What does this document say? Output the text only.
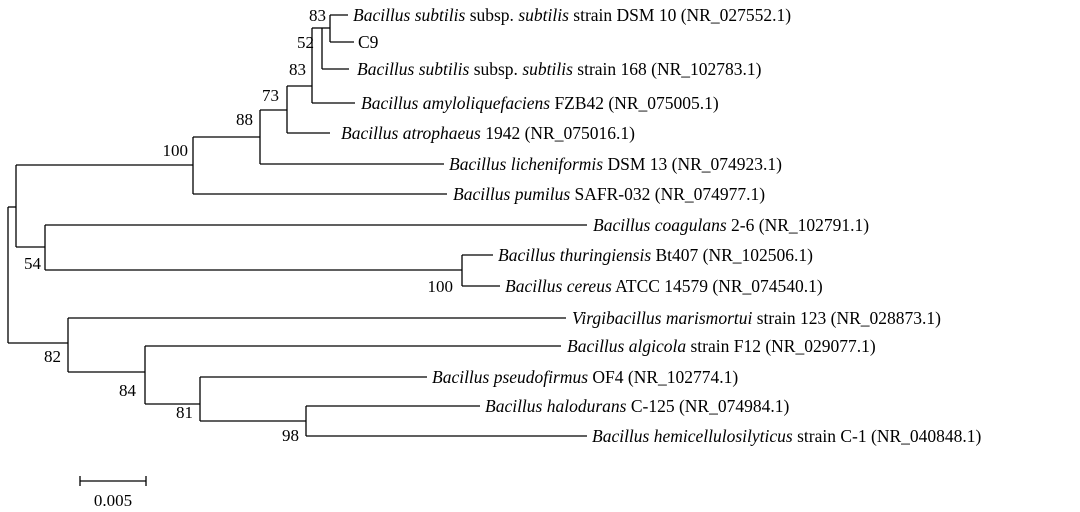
Bacillus subtilis subsp. subtilis strain DSM 10 (NR_027552.1)
C9
Bacillus subtilis subsp. subtilis strain 168 (NR_102783.1)
Bacillus amyloliquefaciens FZB42 (NR_075005.1)
Bacillus atrophaeus 1942 (NR_075016.1)
Bacillus licheniformis DSM 13 (NR_074923.1)
Bacillus pumilus SAFR-032 (NR_074977.1)
Bacillus coagulans 2-6 (NR_102791.1)
Bacillus thuringiensis Bt407 (NR_102506.1)
Bacillus cereus ATCC 14579 (NR_074540.1)
Virgibacillus marismortui strain 123 (NR_028873.1)
Bacillus algicola strain F12 (NR_029077.1)
Bacillus pseudofirmus OF4 (NR_102774.1)
Bacillus halodurans C-125 (NR_074984.1)
Bacillus hemicellulosilyticus strain C-1 (NR_040848.1)
83
52
83
73
88
100
54
100
82
84
81
98
0.005
